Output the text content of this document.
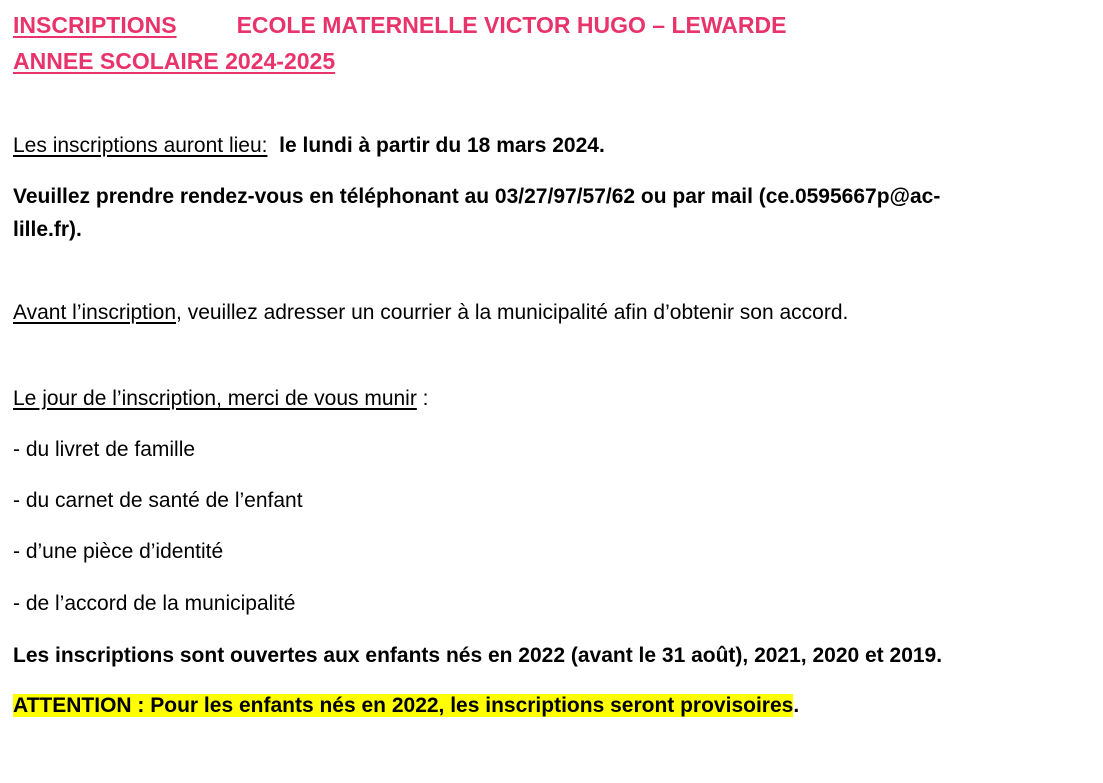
INSCRIPTIONS	ECOLE MATERNELLE VICTOR HUGO – LEWARDE
ANNEE SCOLAIRE 2024-2025
Les inscriptions auront lieu: le lundi à partir du 18 mars 2024.
Veuillez prendre rendez-vous en téléphonant au 03/27/97/57/62 ou par mail (ce.0595667p@ac-
lille.fr).
Avant l’inscription, veuillez adresser un courrier à la municipalité afin d’obtenir son accord.
Le jour de l’inscription, merci de vous munir :
- du livret de famille
- du carnet de santé de l’enfant
- d’une pièce d’identité
- de l’accord de la municipalité
Les inscriptions sont ouvertes aux enfants nés en 2022 (avant le 31 août), 2021, 2020 et 2019.
ATTENTION : Pour les enfants nés en 2022, les inscriptions seront provisoires.
